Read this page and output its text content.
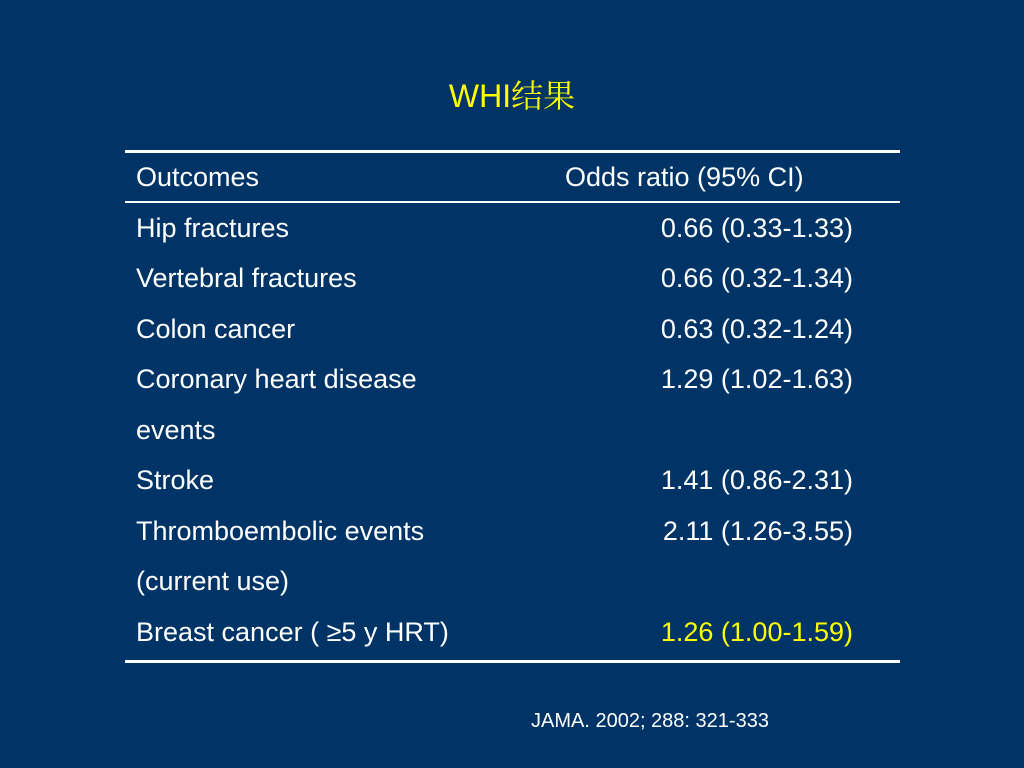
WHI结果
Outcomes	Odds ratio (95% CI)
Hip fractures	0.66 (0.33-1.33)
Vertebral fractures	0.66 (0.32-1.34)
Colon cancer	0.63 (0.32-1.24)
Coronary heart disease	1.29 (1.02-1.63)
events
Stroke	1.41 (0.86-2.31)
Thromboembolic events	2.11 (1.26-3.55)
(current use)
Breast cancer ( ≥5 y HRT)	1.26 (1.00-1.59)
JAMA. 2002; 288: 321-333
